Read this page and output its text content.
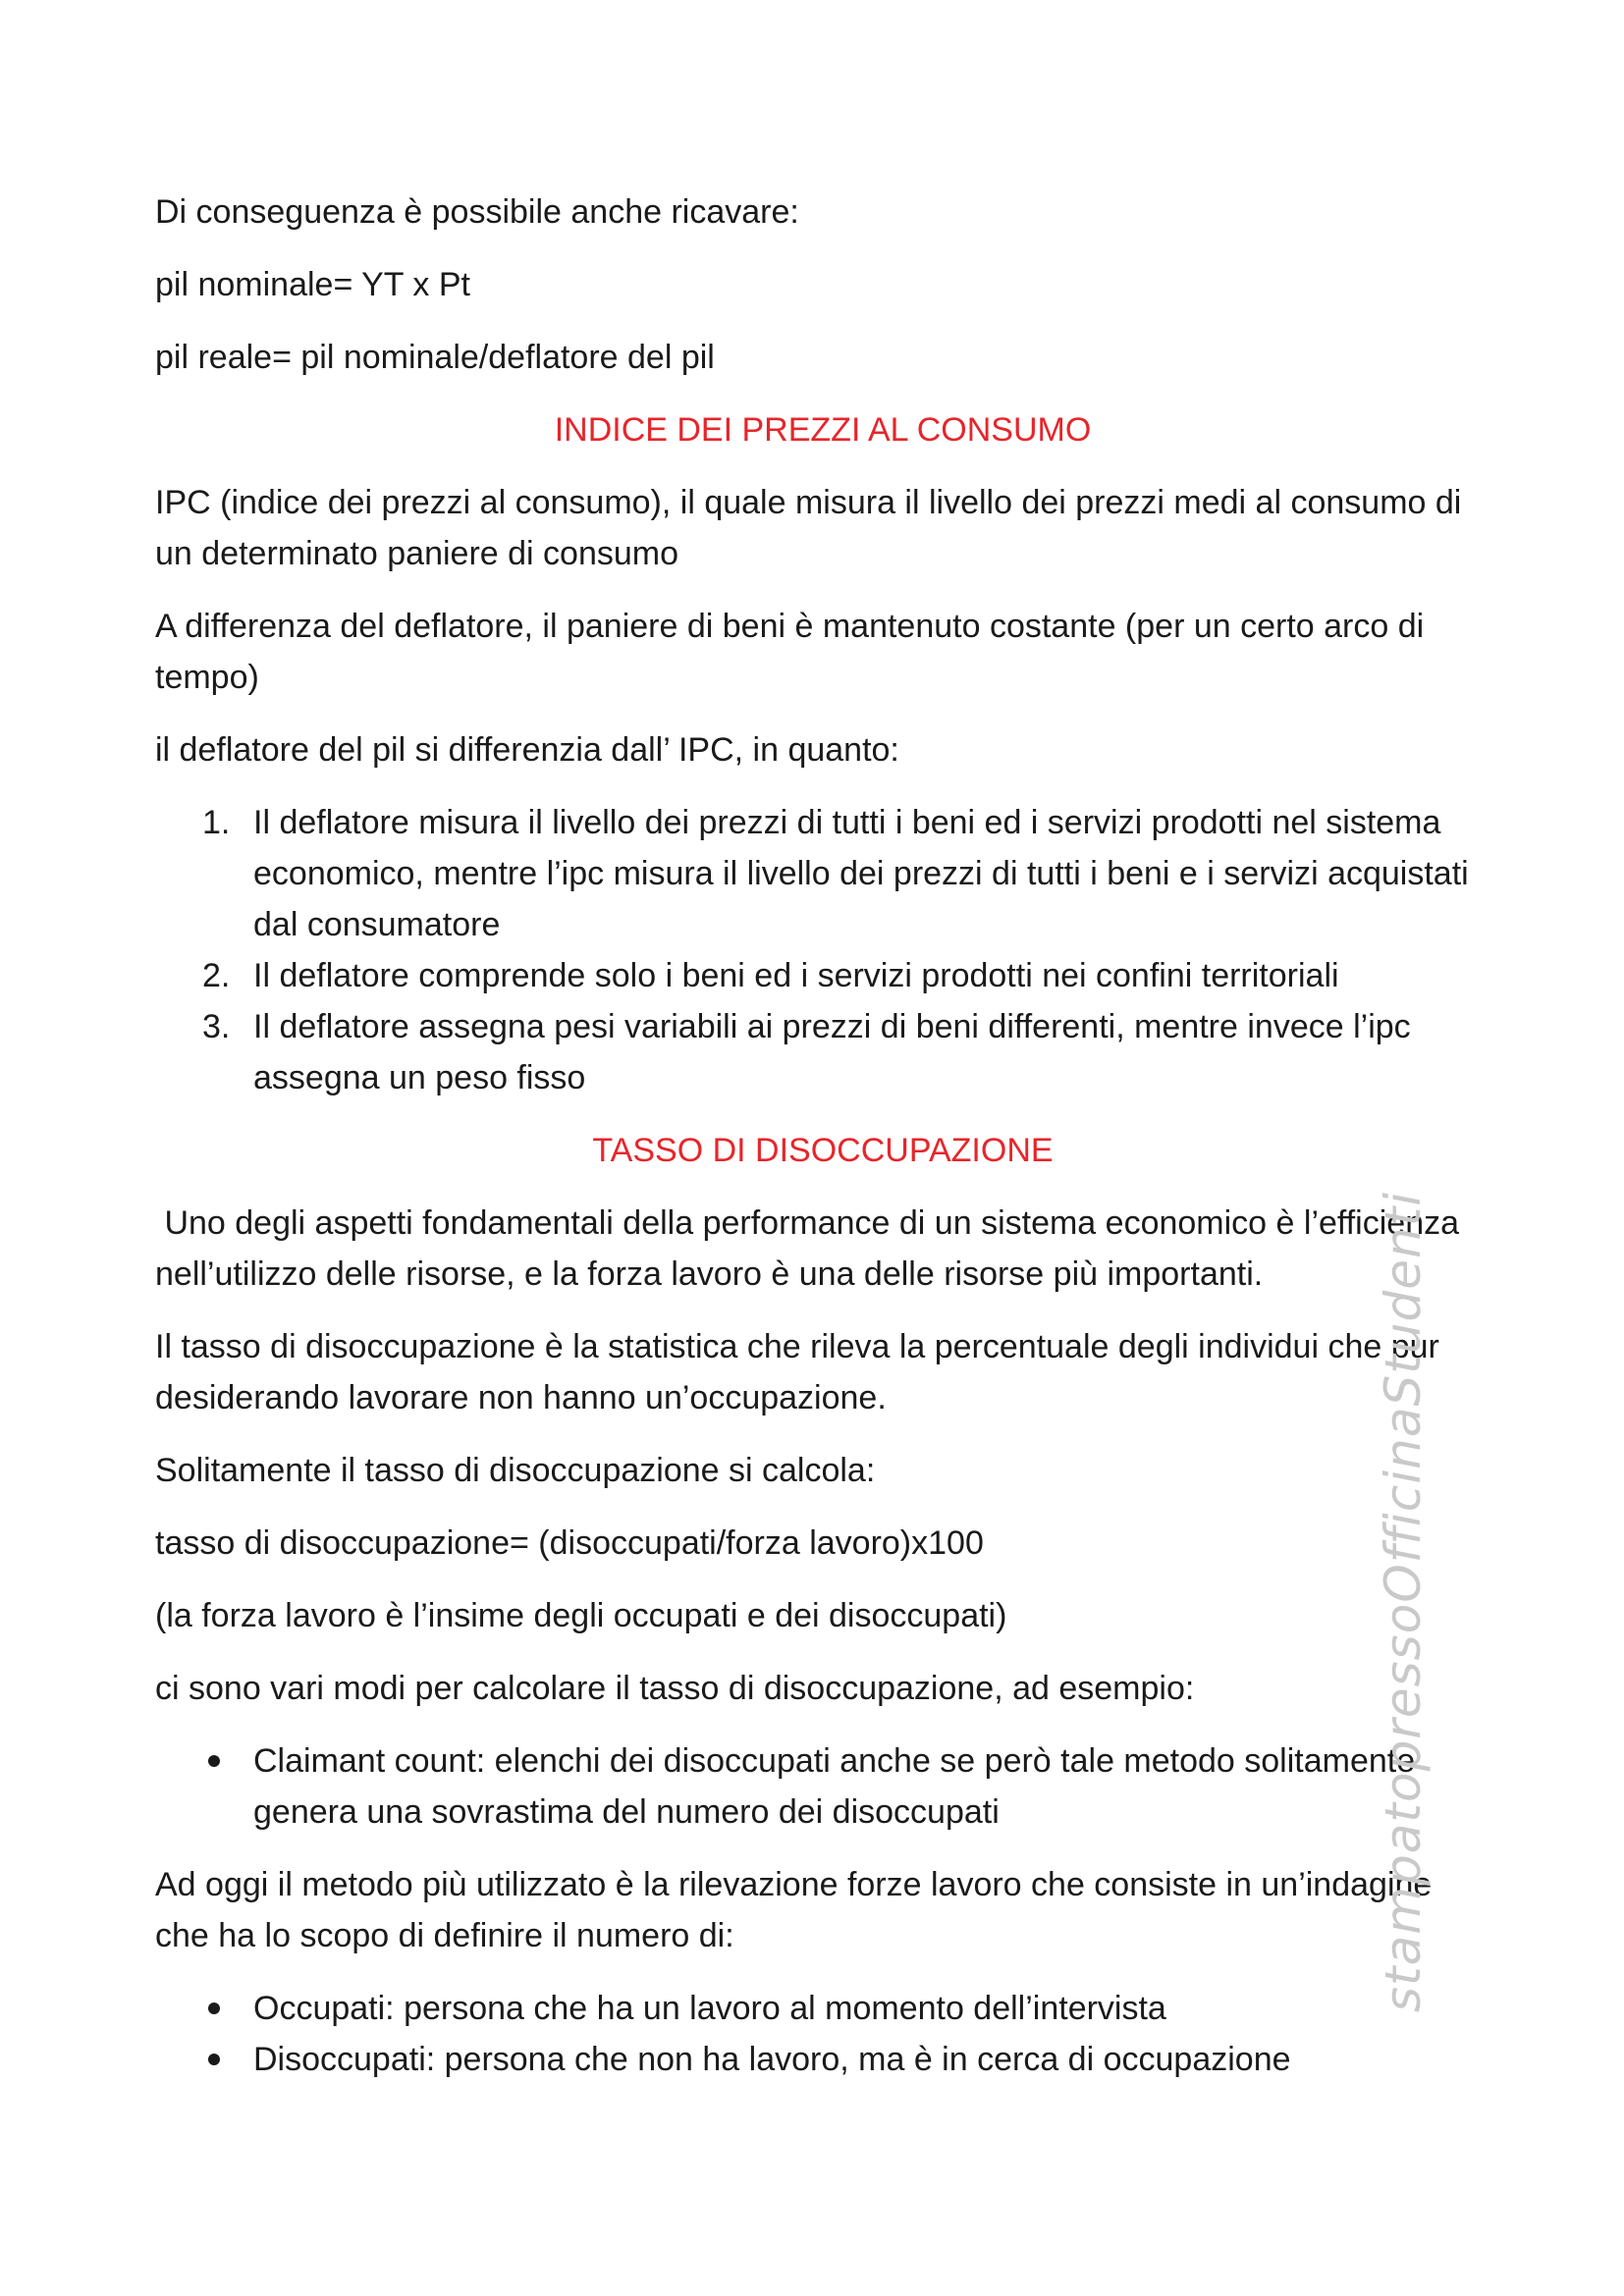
Di conseguenza è possibile anche ricavare:

pil nominale= YT x Pt

pil reale= pil nominale/deflatore del pil

INDICE DEI PREZZI AL CONSUMO

IPC (indice dei prezzi al consumo), il quale misura il livello dei prezzi medi al consumo di un determinato paniere di consumo

A differenza del deflatore, il paniere di beni è mantenuto costante (per un certo arco di tempo)

il deflatore del pil si differenzia dall’ IPC, in quanto:

1. Il deflatore misura il livello dei prezzi di tutti i beni ed i servizi prodotti nel sistema economico, mentre l’ipc misura il livello dei prezzi di tutti i beni e i servizi acquistati dal consumatore
2. Il deflatore comprende solo i beni ed i servizi prodotti nei confini territoriali
3. Il deflatore assegna pesi variabili ai prezzi di beni differenti, mentre invece l’ipc assegna un peso fisso

TASSO DI DISOCCUPAZIONE

Uno degli aspetti fondamentali della performance di un sistema economico è l’efficienza nell’utilizzo delle risorse, e la forza lavoro è una delle risorse più importanti.

Il tasso di disoccupazione è la statistica che rileva la percentuale degli individui che pur desiderando lavorare non hanno un’occupazione.

Solitamente il tasso di disoccupazione si calcola:

tasso di disoccupazione= (disoccupati/forza lavoro)x100

(la forza lavoro è l’insime degli occupati e dei disoccupati)

ci sono vari modi per calcolare il tasso di disoccupazione, ad esempio:

Claimant count: elenchi dei disoccupati anche se però tale metodo solitamente genera una sovrastima del numero dei disoccupati

Ad oggi il metodo più utilizzato è la rilevazione forze lavoro che consiste in un’indagine che ha lo scopo di definire il numero di:

Occupati: persona che ha un lavoro al momento dell’intervista
Disoccupati: persona che non ha lavoro, ma è in cerca di occupazione
stampatopressoOfficinaStudenti
